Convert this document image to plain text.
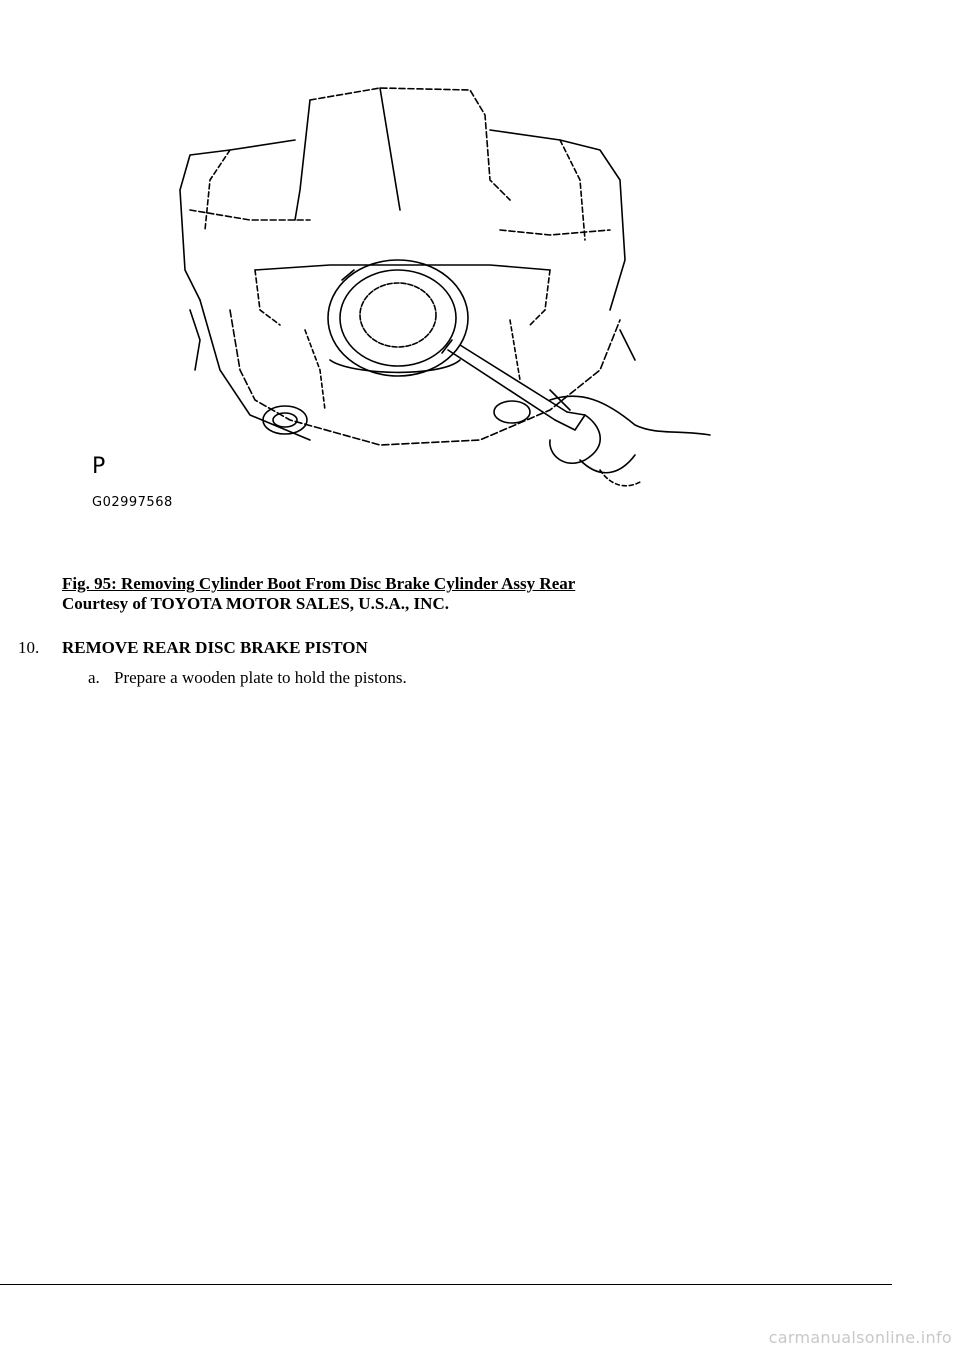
P
G02997568
Fig. 95: Removing Cylinder Boot From Disc Brake Cylinder Assy Rear
Courtesy of TOYOTA MOTOR SALES, U.S.A., INC.
10. REMOVE REAR DISC BRAKE PISTON
a. Prepare a wooden plate to hold the pistons.
carmanualsonline.info
